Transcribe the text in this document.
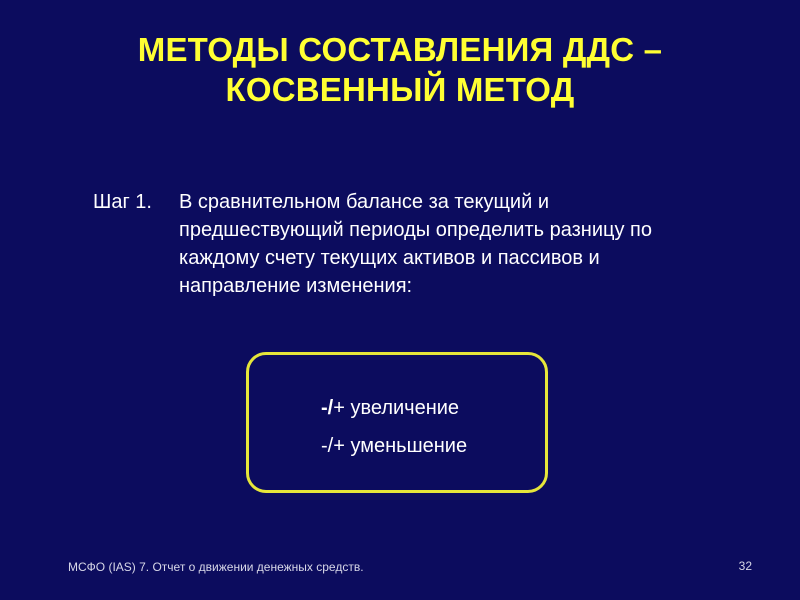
МЕТОДЫ СОСТАВЛЕНИЯ ДДС –
КОСВЕННЫЙ МЕТОД
Шаг 1. В сравнительном балансе за текущий и
предшествующий периоды определить разницу по
каждому счету текущих активов и пассивов и
направление изменения:
-/+ увеличение
-/+ уменьшение
МСФО (IAS) 7. Отчет о движении денежных средств.	32
